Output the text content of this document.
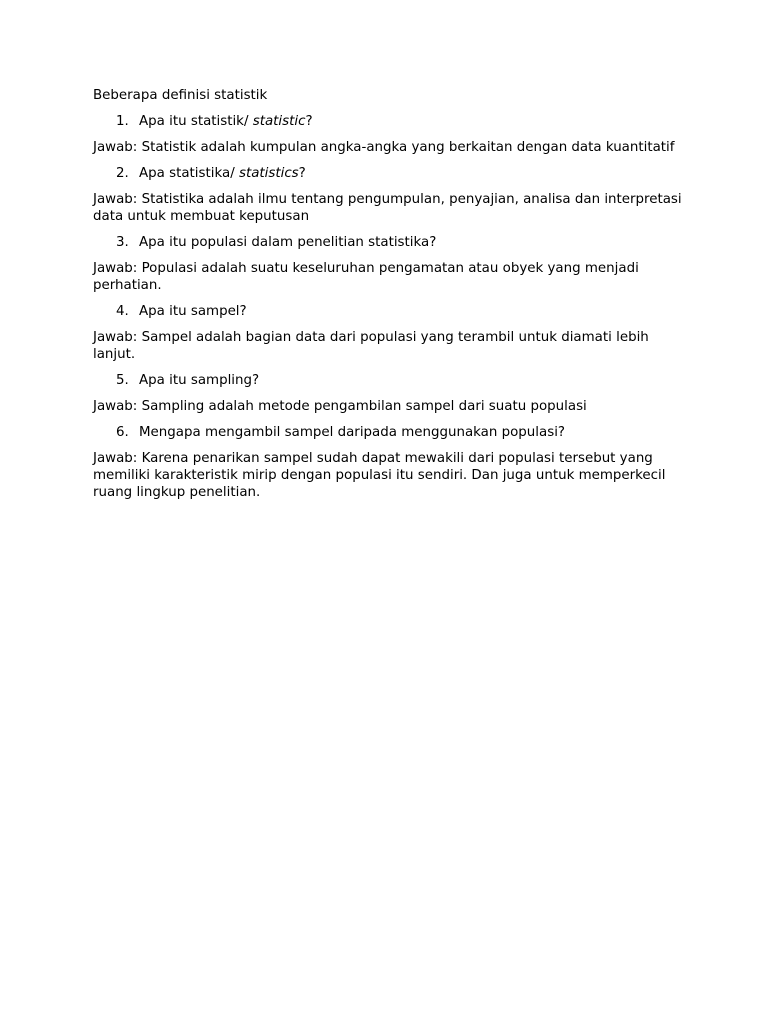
Beberapa definisi statistik

1. Apa itu statistik/ statistic?

Jawab: Statistik adalah kumpulan angka-angka yang berkaitan dengan data kuantitatif

2. Apa statistika/ statistics?

Jawab: Statistika adalah ilmu tentang pengumpulan, penyajian, analisa dan interpretasi data untuk membuat keputusan

3. Apa itu populasi dalam penelitian statistika?

Jawab: Populasi adalah suatu keseluruhan pengamatan atau obyek yang menjadi perhatian.

4. Apa itu sampel?

Jawab: Sampel adalah bagian data dari populasi yang terambil untuk diamati lebih lanjut.

5. Apa itu sampling?

Jawab: Sampling adalah metode pengambilan sampel dari suatu populasi

6. Mengapa mengambil sampel daripada menggunakan populasi?

Jawab: Karena penarikan sampel sudah dapat mewakili dari populasi tersebut yang memiliki karakteristik mirip dengan populasi itu sendiri. Dan juga untuk memperkecil ruang lingkup penelitian.
